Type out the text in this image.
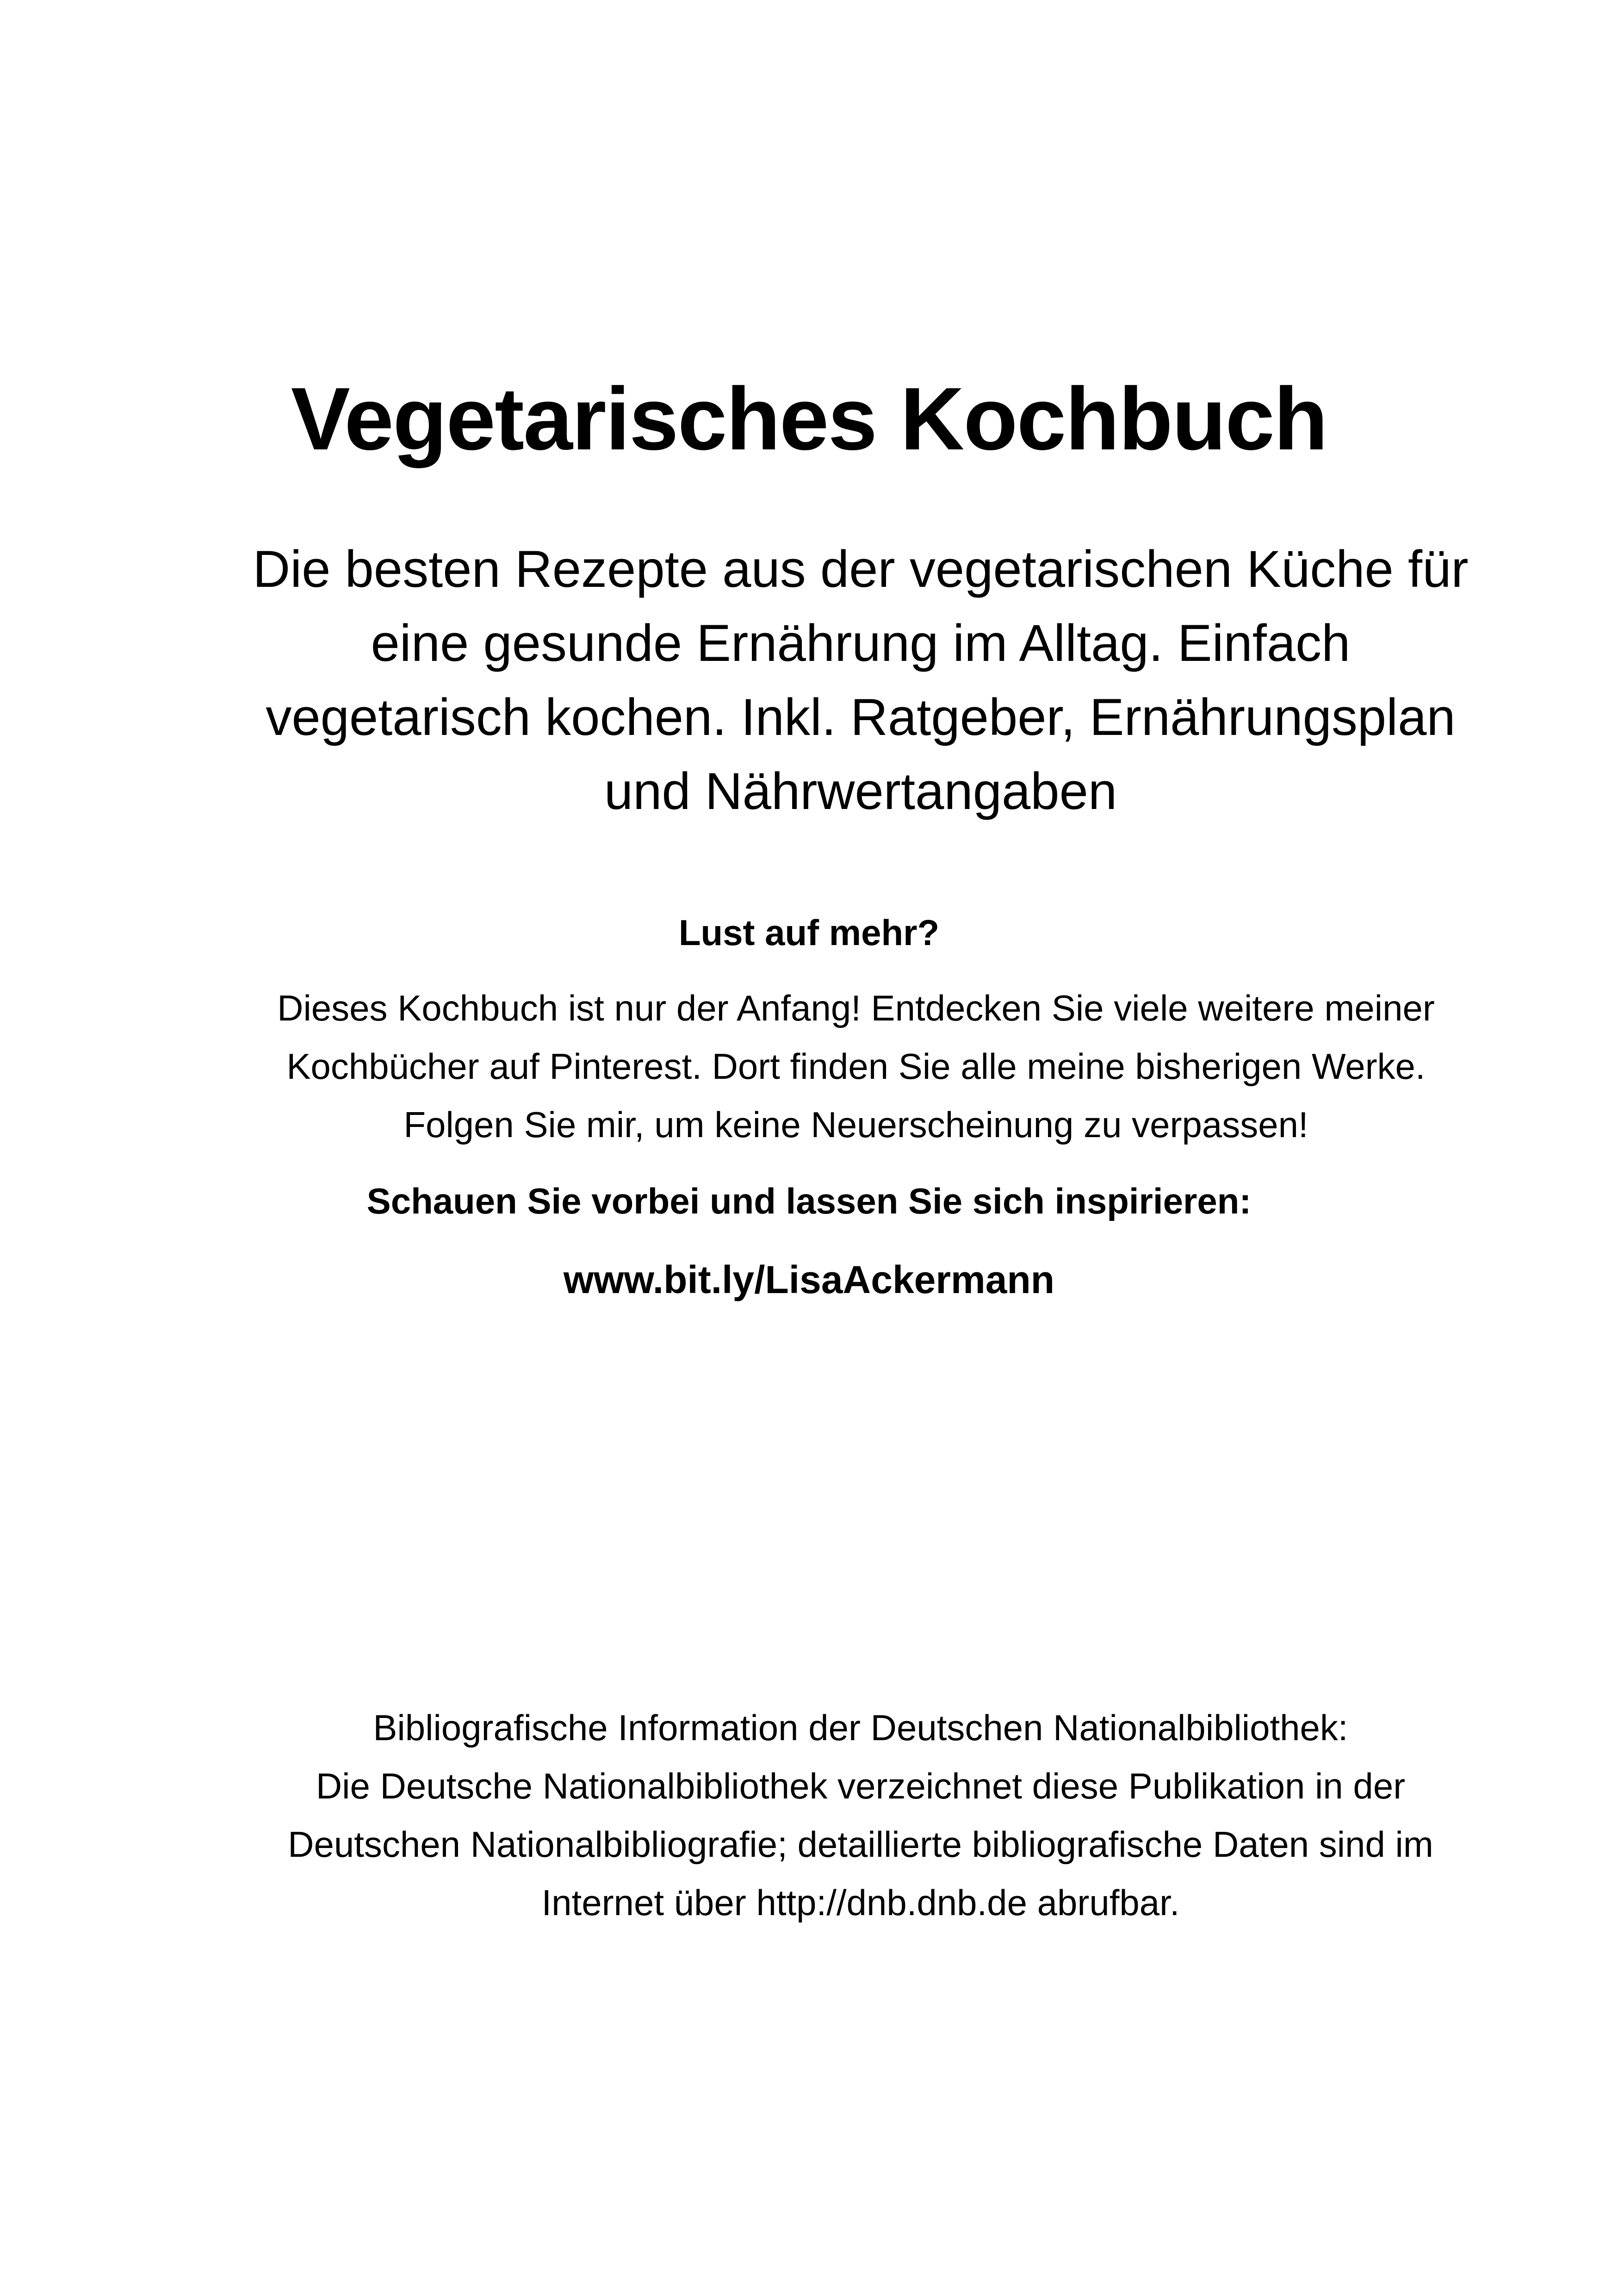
Vegetarisches Kochbuch
Die besten Rezepte aus der vegetarischen Küche für
eine gesunde Ernährung im Alltag. Einfach
vegetarisch kochen. Inkl. Ratgeber, Ernährungsplan
und Nährwertangaben
Lust auf mehr?
Dieses Kochbuch ist nur der Anfang! Entdecken Sie viele weitere meiner
Kochbücher auf Pinterest. Dort finden Sie alle meine bisherigen Werke.
Folgen Sie mir, um keine Neuerscheinung zu verpassen!
Schauen Sie vorbei und lassen Sie sich inspirieren:
www.bit.ly/LisaAckermann
Bibliografische Information der Deutschen Nationalbibliothek:
Die Deutsche Nationalbibliothek verzeichnet diese Publikation in der
Deutschen Nationalbibliografie; detaillierte bibliografische Daten sind im
Internet über http://dnb.dnb.de abrufbar.
